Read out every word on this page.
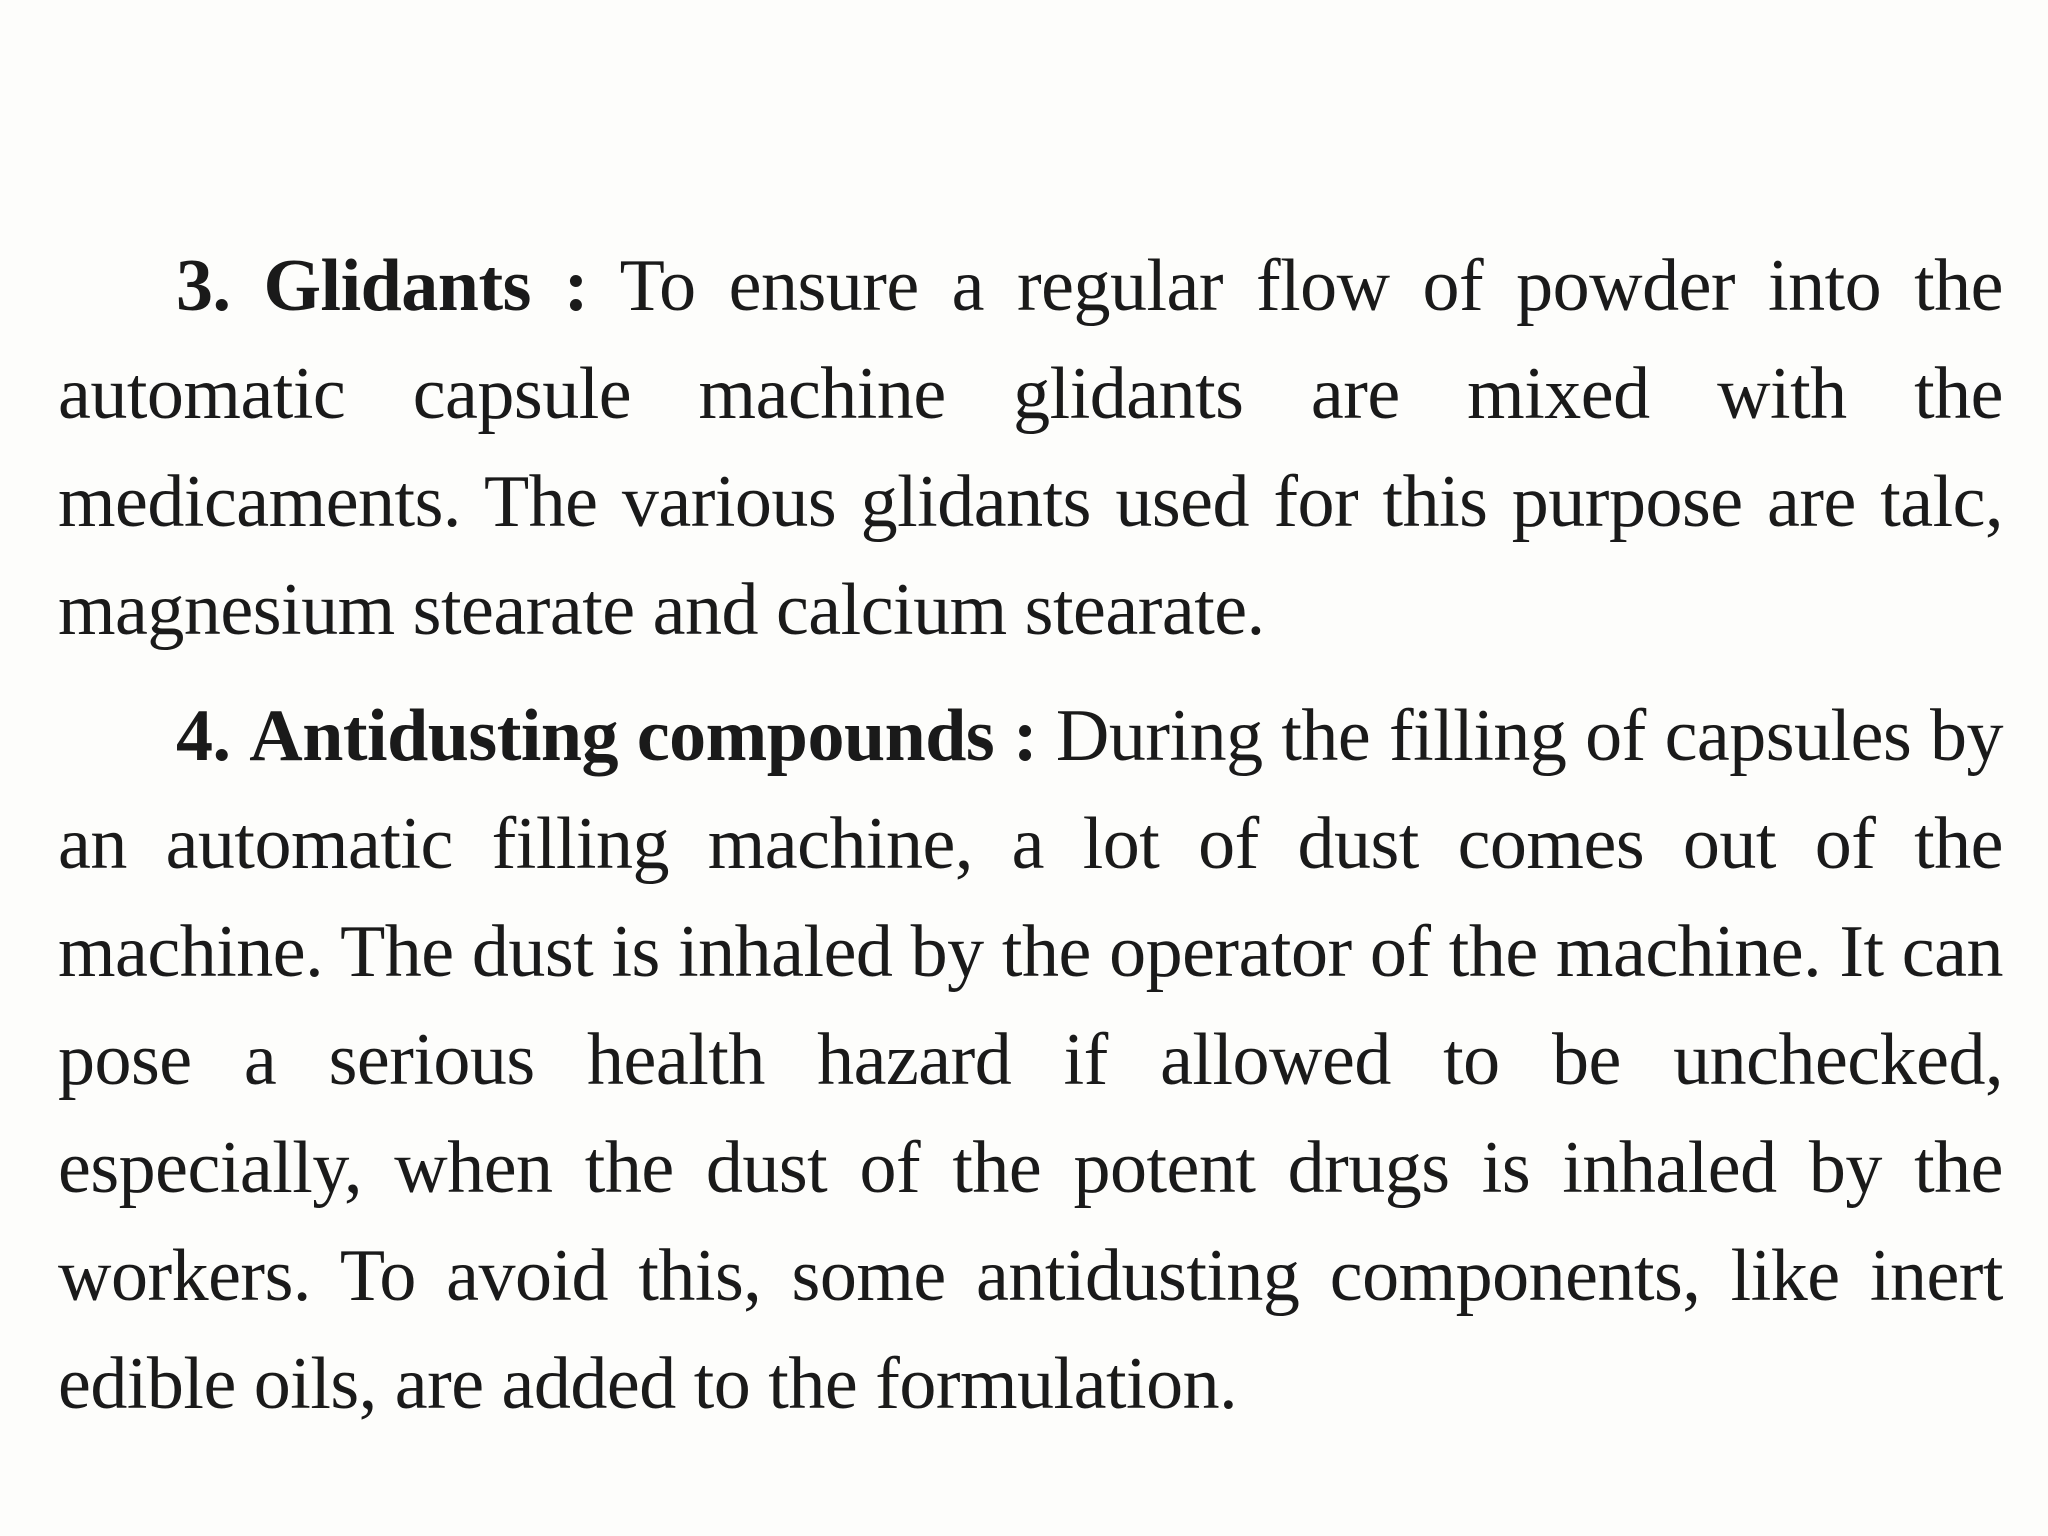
3. Glidants : To ensure a regular flow of powder into the automatic capsule machine glidants are mixed with the medicaments. The various glidants used for this purpose are talc, magnesium stearate and calcium stearate.

4. Antidusting compounds : During the filling of capsules by an automatic filling machine, a lot of dust comes out of the machine. The dust is inhaled by the operator of the machine. It can pose a serious health hazard if allowed to be unchecked, especially, when the dust of the potent drugs is inhaled by the workers. To avoid this, some antidusting components, like inert edible oils, are added to the formulation.
